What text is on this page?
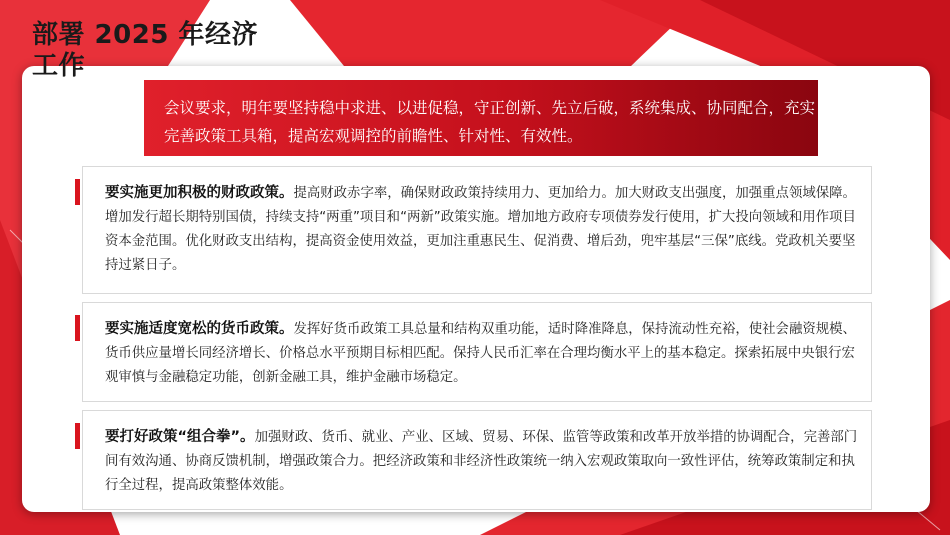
部署 2025 年经济工作

会议要求，明年要坚持稳中求进、以进促稳，守正创新、先立后破，系统集成、协同配合，充实完善政策工具箱，提高宏观调控的前瞻性、针对性、有效性。

要实施更加积极的财政政策。提高财政赤字率，确保财政政策持续用力、更加给力。加大财政支出强度，加强重点领域保障。增加发行超长期特别国债，持续支持“两重”项目和“两新”政策实施。增加地方政府专项债券发行使用，扩大投向领域和用作项目资本金范围。优化财政支出结构，提高资金使用效益，更加注重惠民生、促消费、增后劲，兜牢基层“三保”底线。党政机关要坚持过紧日子。

要实施适度宽松的货币政策。发挥好货币政策工具总量和结构双重功能，适时降准降息，保持流动性充裕，使社会融资规模、货币供应量增长同经济增长、价格总水平预期目标相匹配。保持人民币汇率在合理均衡水平上的基本稳定。探索拓展中央银行宏观审慎与金融稳定功能，创新金融工具，维护金融市场稳定。

要打好政策“组合拳”。加强财政、货币、就业、产业、区域、贸易、环保、监管等政策和改革开放举措的协调配合，完善部门间有效沟通、协商反馈机制，增强政策合力。把经济政策和非经济性政策统一纳入宏观政策取向一致性评估，统筹政策制定和执行全过程，提高政策整体效能。
